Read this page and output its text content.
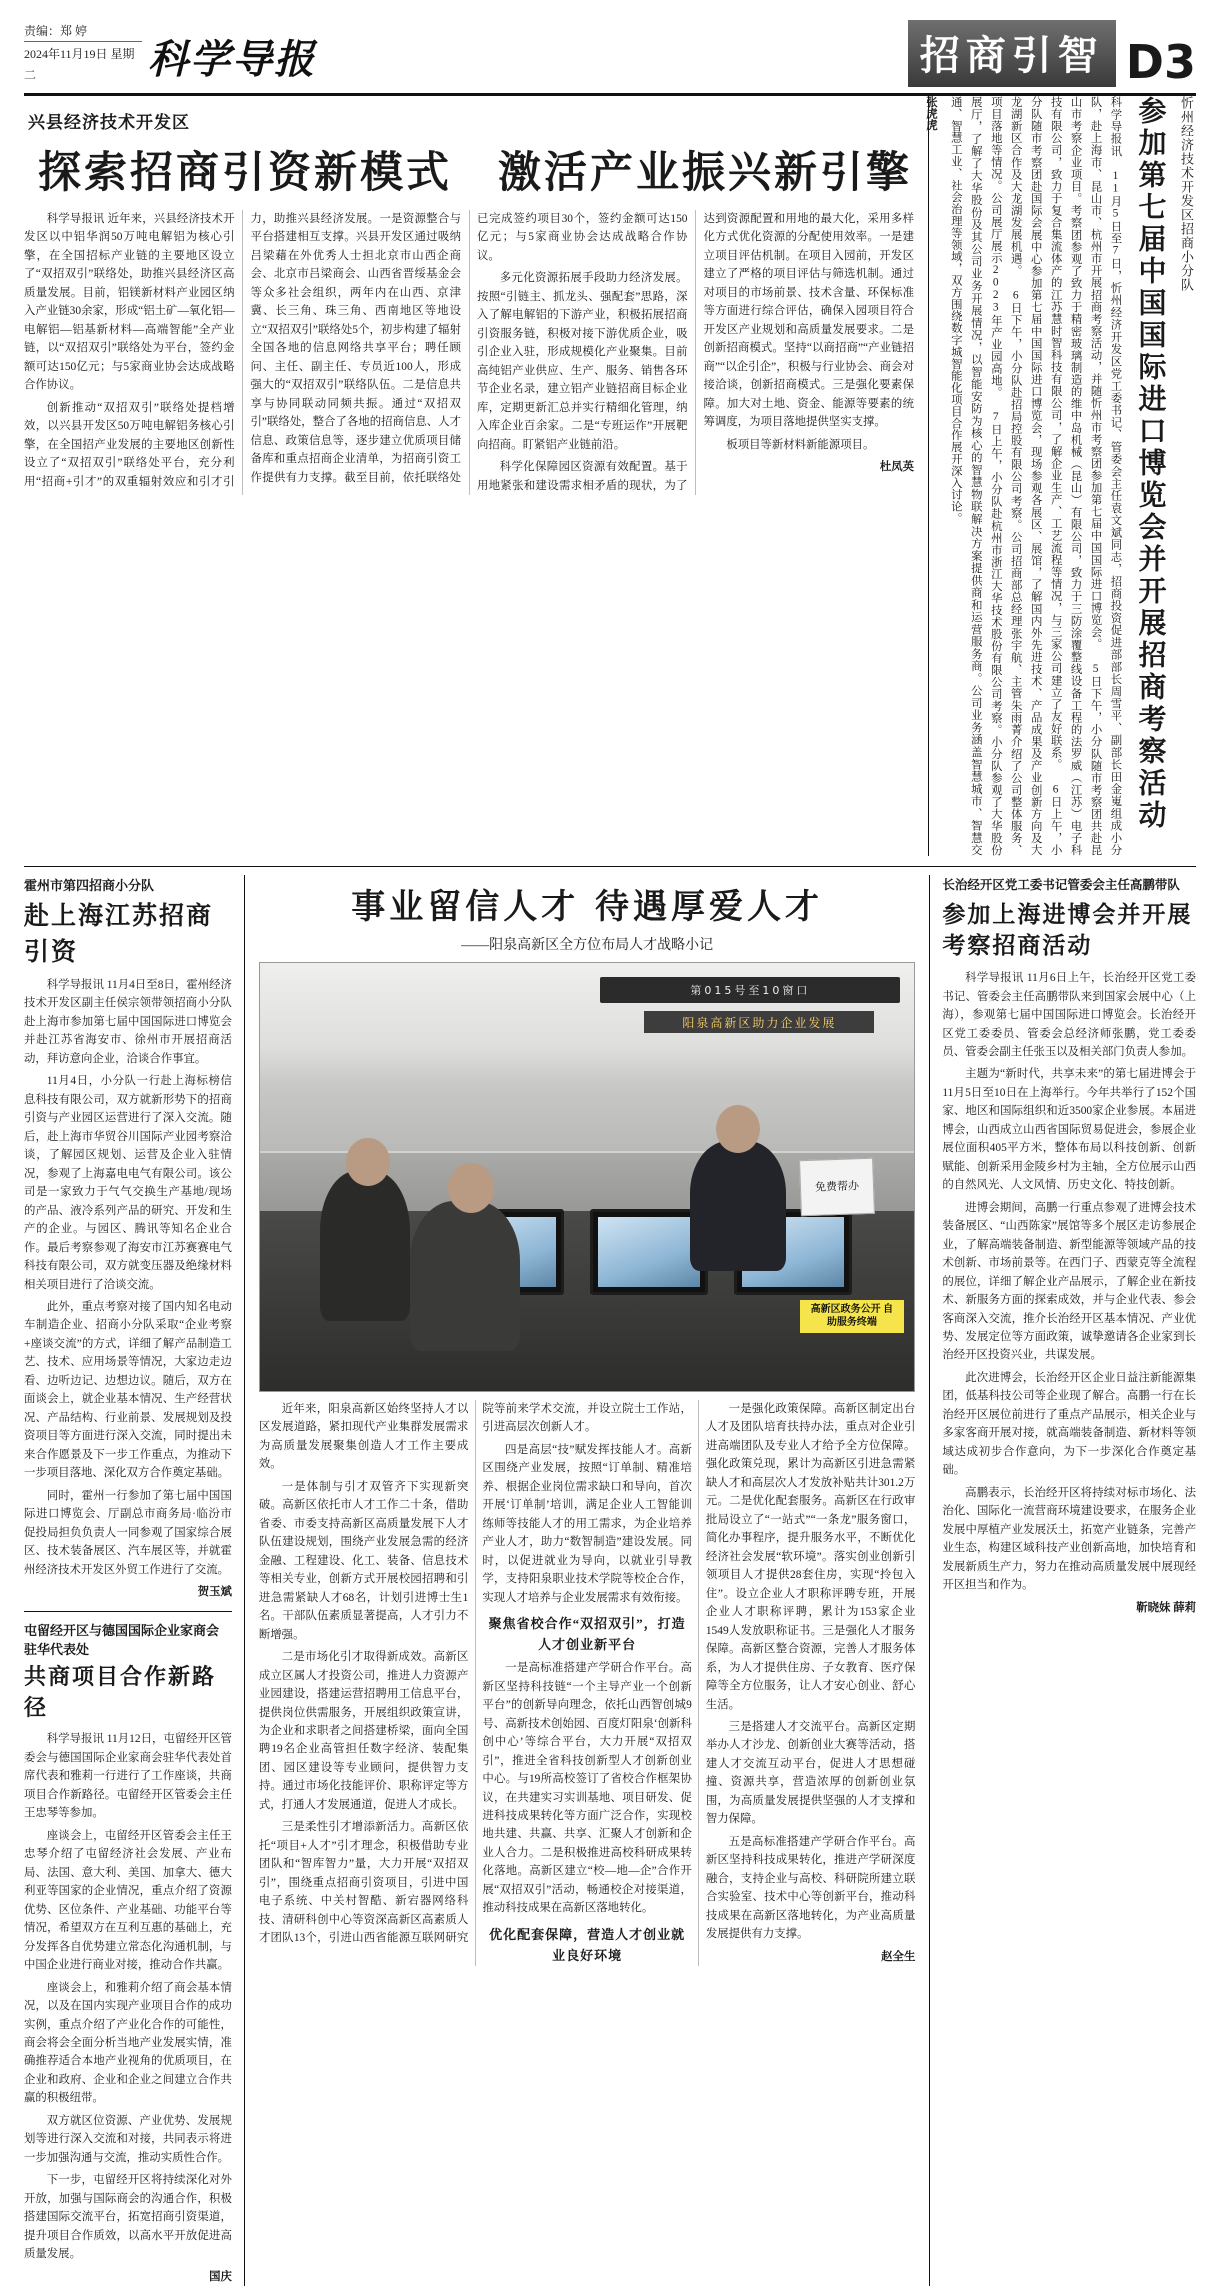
责编：郑 婷
2024年11月19日 星期二	科学导报	招商引智 D3
兴县经济技术开发区
探索招商引资新模式 激活产业振兴新引擎

科学导报讯 近年来，兴县经济技术开发区以中铝华润50万吨电解铝为核心引擎，在全国招标产业链的主要地区设立了“双招双引”联络处，助推兴县经济区高质量发展。目前，铝镁新材料产业园区纳入产业链30余家，形成“铝土矿—氧化铝—电解铝—铝基新材料—高端智能”全产业链，以“双招双引”联络处为平台，签约金额可达150亿元；与5家商业协会达成战略合作协议。

创新推动“双招双引”联络处提档增效，以兴县开发区50万吨电解铝务核心引擎，在全国招产业发展的主要地区创新性设立了“双招双引”联络处平台，充分利用“招商+引才”的双重辐射效应和引才引力，助推兴县经济发展。一是资源整合与平台搭建相互支撑。兴县开发区通过吸纳吕梁藉在外优秀人士担北京市山西企商会、北京市吕梁商会、山西省晋绥基金会等众多社会组织，两年内在山西、京津冀、长三角、珠三角、西南地区等地设立“双招双引”联络处5个，初步构建了辐射全国各地的信息网络共享平台；聘任顾问、主任、副主任、专员近100人，形成强大的“双招双引”联络队伍。二是信息共享与协同联动同频共振。通过“双招双引”联络处，整合了各地的招商信息、人才信息、政策信息等，逐步建立优质项目储备库和重点招商企业清单，为招商引资工作提供有力支撑。截至目前，依托联络处已完成签约项目30个，签约金额可达150亿元；与5家商业协会达成战略合作协议。

多元化资源拓展手段助力经济发展。按照“引链主、抓龙头、强配套”思路，深入了解电解铝的下游产业，积极拓展招商引资服务链，积极对接下游优质企业，吸引企业入驻，形成规模化产业聚集。目前高纯铝产业供应、生产、服务、销售各环节企业名录，建立铝产业链招商目标企业库，定期更新汇总并实行精细化管理，纳入库企业百余家。二是“专班运作”开展靶向招商。盯紧铝产业链前沿。

科学化保障园区资源有效配置。基于用地紧张和建设需求相矛盾的现状，为了达到资源配置和用地的最大化，采用多样化方式优化资源的分配使用效率。一是建立项目评估机制。在项目入园前，开发区建立了严格的项目评估与筛选机制。通过对项目的市场前景、技术含量、环保标准等方面进行综合评估，确保入园项目符合开发区产业规划和高质量发展要求。二是创新招商模式。坚持“以商招商”“产业链招商”“以企引企”，积极与行业协会、商会对接洽谈，创新招商模式。三是强化要素保障。加大对土地、资金、能源等要素的统筹调度，为项目落地提供坚实支撑。

板项目等新材料新能源项目。

杜凤英
忻州经济技术开发区招商小分队
参加第七届中国国际进口博览会并开展招商考察活动
科学导报讯 11月5日至7日，忻州经济开发区党工委书记、管委会主任袁文斌同志，招商投资促进部部长周雪平、副部长田金嵬组成小分队，赴上海市、昆山市、杭州市开展招商考察活动，并随忻州市考察团参加第七届中国国际进口博览会。 5日下午，小分队随市考察团共赴昆山市考察企业项目。考察团参观了致力于精密玻璃制造的维中岛机械（昆山）有限公司，致力于三防涂覆整线设备工程的法罗威（江苏）电子科技有限公司，致力于复合集流体产的江苏慧时智科技有限公司，了解企业生产、工艺流程等情况，与三家公司建立了友好联系。 6日上午，小分队随市考察团赴国际会展中心参加第七届中国国际进口博览会，现场参观各展区、展馆，了解国内外先进技术、产品成果及产业创新方向及大龙湖新区合作及大龙湖发展机遇。 6日下午，小分队赴招局控股有限公司考察。公司招商部总经理张宇航、主管朱雨菁介绍了公司整体服务、项目落地等情况。公司展厅展示2023年产业园高地。 7日上午，小分队赴杭州市浙江大华技术股份有限公司考察。小分队参观了大华股份展厅，了解了大华股份及其公司业务开展情况，以智能安防为核心的智慧物联解决方案提供商和运营服务商。公司业务涵盖智慧城市、智慧交通、智慧工业、社会治理等领域，双方围绕数字城智能化项目合作展开深入讨论。
张虎虎
霍州市第四招商小分队
赴上海江苏招商引资

科学导报讯 11月4日至8日，霍州经济技术开发区副主任侯宗领带领招商小分队赴上海市参加第七届中国国际进口博览会并赴江苏省海安市、徐州市开展招商活动，拜访意向企业，洽谈合作事宜。

11月4日，小分队一行赴上海标榜信息科技有限公司，双方就新形势下的招商引资与产业园区运营进行了深入交流。随后，赴上海市华贸谷川国际产业园考察洽谈，了解园区规划、运营及企业入驻情况，参观了上海嘉电电气有限公司。该公司是一家致力于气气交换生产基地/现场的产品、液冷系列产品的研究、开发和生产的企业。与园区、腾讯等知名企业合作。最后考察参观了海安市江苏赛赛电气科技有限公司，双方就变压器及绝缘材料相关项目进行了洽谈交流。

此外，重点考察对接了国内知名电动车制造企业、招商小分队采取“企业考察+座谈交流”的方式，详细了解产品制造工艺、技术、应用场景等情况，大家边走边看、边听边记、边想边议。随后，双方在面谈会上，就企业基本情况、生产经营状况、产品结构、行业前景、发展规划及投资项目等方面进行深入交流，同时提出未来合作愿景及下一步工作重点，为推动下一步项目落地、深化双方合作奠定基础。

同时，霍州一行参加了第七届中国国际进口博览会、厅副总市商务局·临汾市促投局担负负责人一同参观了国家综合展区、技术装备展区、汽车展区等，并就霍州经济技术开发区外贸工作进行了交流。

贺玉斌
屯留经开区与德国国际企业家商会驻华代表处
共商项目合作新路径

科学导报讯 11月12日，屯留经开区管委会与德国国际企业家商会驻华代表处首席代表和雅莉一行进行了工作座谈，共商项目合作新路径。屯留经开区管委会主任王忠琴等参加。

座谈会上，屯留经开区管委会主任王忠琴介绍了屯留经济社会发展、产业布局、法国、意大利、美国、加拿大、德大利亚等国家的企业情况，重点介绍了资源优势、区位条件、产业基础、功能平台等情况，希望双方在互利互惠的基础上，充分发挥各自优势建立常态化沟通机制，与中国企业进行商业对接，推动合作共赢。

座谈会上，和雅莉介绍了商会基本情况，以及在国内实现产业项目合作的成功实例，重点介绍了产业化合作的可能性，商会将会全面分析当地产业发展实情，准确推荐适合本地产业视角的优质项目，在企业和政府、企业和企业之间建立合作共赢的积极纽带。

双方就区位资源、产业优势、发展规划等进行深入交流和对接，共同表示将进一步加强沟通与交流，推动实质性合作。

下一步，屯留经开区将持续深化对外开放，加强与国际商会的沟通合作，积极搭建国际交流平台，拓宽招商引资渠道，提升项目合作质效，以高水平开放促进高质量发展。

国庆
事业留信人才 待遇厚爱人才
——阳泉高新区全方位布局人才战略小记
第015号至10窗口
阳泉高新区助力企业发展
免费帮办
高新区政务公开 自助服务终端

近年来，阳泉高新区始终坚持人才以区发展道路，紧扣现代产业集群发展需求为高质量发展聚集创造人才工作主要成效。

一是体制与引才双管齐下实现新突破。高新区依托市人才工作二十条，借助省委、市委支持高新区高质量发展下人才队伍建设规划，围绕产业发展急需的经济金融、工程建设、化工、装备、信息技术等相关专业，创新方式开展校园招聘和引进急需紧缺人才68名，计划引进博士生1名。干部队伍素质显著提高，人才引力不断增强。

二是市场化引才取得新成效。高新区成立区属人才投资公司，推进人力资源产业园建设，搭建运营招聘用工信息平台，提供岗位供需服务，开展组织政策宣讲，为企业和求职者之间搭建桥梁，面向全国聘19名企业高管担任数字经济、装配集团、园区建设等专业顾问，提供智力支持。通过市场化技能评价、职称评定等方式，打通人才发展通道，促进人才成长。

三是柔性引才增添新活力。高新区依托“项目+人才”引才理念，积极借助专业团队和“智库智力”量，大力开展“双招双引”，围绕重点招商引资项目，引进中国电子系统、中关村智酷、新宕器网络科技、清研科创中心等资深高新区高素质人才团队13个，引进山西省能源互联网研究院等前来学术交流，并设立院士工作站，引进高层次创新人才。

四是高层“技”赋发挥技能人才。高新区围绕产业发展，按照“订单制、精准培养、根据企业岗位需求缺口和导向，首次开展‘订单制’培训，满足企业人工智能训练师等技能人才的用工需求，为企业培养产业人才，助力“数智制造”建设发展。同时，以促进就业为导向，以就业引导教学，支持阳泉职业技术学院等校企合作，实现人才培养与企业发展需求有效衔接。

聚焦省校合作“双招双引”，打造人才创业新平台

一是高标准搭建产学研合作平台。高新区坚持科技链“一个主导产业一个创新平台”的创新导向理念，依托山西智创城9号、高新技术创始园、百度灯阳泉‘创新科创中心’等综合平台，大力开展“双招双引”，推进全省科技创新型人才创新创业中心。与19所高校签订了省校合作框架协议，在共建实习实训基地、项目研发、促进科技成果转化等方面广泛合作，实现校地共建、共赢、共享、汇聚人才创新和企业人合力。二是积极推进高校科研成果转化落地。高新区建立“校—地—企”合作开展“双招双引”活动，畅通校企对接渠道，推动科技成果在高新区落地转化。

优化配套保障，营造人才创业就业良好环境

一是强化政策保障。高新区制定出台人才及团队培育扶持办法，重点对企业引进高端团队及专业人才给予全方位保障。强化政策兑现，累计为高新区引进急需紧缺人才和高层次人才发放补贴共计301.2万元。二是优化配套服务。高新区在行政审批局设立了“一站式”“一条龙”服务窗口，简化办事程序，提升服务水平，不断优化经济社会发展“软环境”。落实创业创新引领项目人才提供28套住房，实现“拎包入住”。设立企业人才职称评聘专班，开展企业人才职称评聘，累计为153家企业1549人发放职称证书。三是强化人才服务保障。高新区整合资源，完善人才服务体系，为人才提供住房、子女教育、医疗保障等全方位服务，让人才安心创业、舒心生活。

三是搭建人才交流平台。高新区定期举办人才沙龙、创新创业大赛等活动，搭建人才交流互动平台，促进人才思想碰撞、资源共享，营造浓厚的创新创业氛围，为高质量发展提供坚强的人才支撑和智力保障。

五是高标准搭建产学研合作平台。高新区坚持科技成果转化，推进产学研深度融合，支持企业与高校、科研院所建立联合实验室、技术中心等创新平台，推动科技成果在高新区落地转化，为产业高质量发展提供有力支撑。

赵全生
长治经开区党工委书记管委会主任高鹏带队
参加上海进博会并开展考察招商活动

科学导报讯 11月6日上午，长治经开区党工委书记、管委会主任高鹏带队来到国家会展中心（上海），参观第七届中国国际进口博览会。长治经开区党工委委员、管委会总经济师张鹏，党工委委员、管委会副主任张玉以及相关部门负责人参加。

主题为“新时代，共享未来”的第七届进博会于11月5日至10日在上海举行。今年共举行了152个国家、地区和国际组织和近3500家企业参展。本届进博会，山西成立山西省国际贸易促进会，参展企业展位面积405平方米，整体布局以科技创新、创新赋能、创新采用金陵乡村为主轴，全方位展示山西的自然风光、人文风情、历史文化、特技创新。

进博会期间，高鹏一行重点参观了进博会技术装备展区、“山西陈家”展馆等多个展区走访参展企业，了解高端装备制造、新型能源等领域产品的技术创新、市场前景等。在西门子、西蒙克等全流程的展位，详细了解企业产品展示，了解企业在新技术、新服务方面的探索成效，并与企业代表、参会客商深入交流，推介长治经开区基本情况、产业优势、发展定位等方面政策，诚挚邀请各企业家到长治经开区投资兴业，共谋发展。

此次进博会，长治经开区企业日益注新能源集团，低基科技公司等企业现了解合。高鹏一行在长治经开区展位前进行了重点产品展示，相关企业与多家客商开展对接，就高端装备制造、新材料等领域达成初步合作意向，为下一步深化合作奠定基础。

高鹏表示，长治经开区将持续对标市场化、法治化、国际化一流营商环境建设要求，在服务企业发展中厚植产业发展沃土，拓宽产业链条，完善产业生态，构建区域科技产业创新高地，加快培育和发展新质生产力，努力在推动高质量发展中展现经开区担当和作为。

靳晓妹 薛莉
